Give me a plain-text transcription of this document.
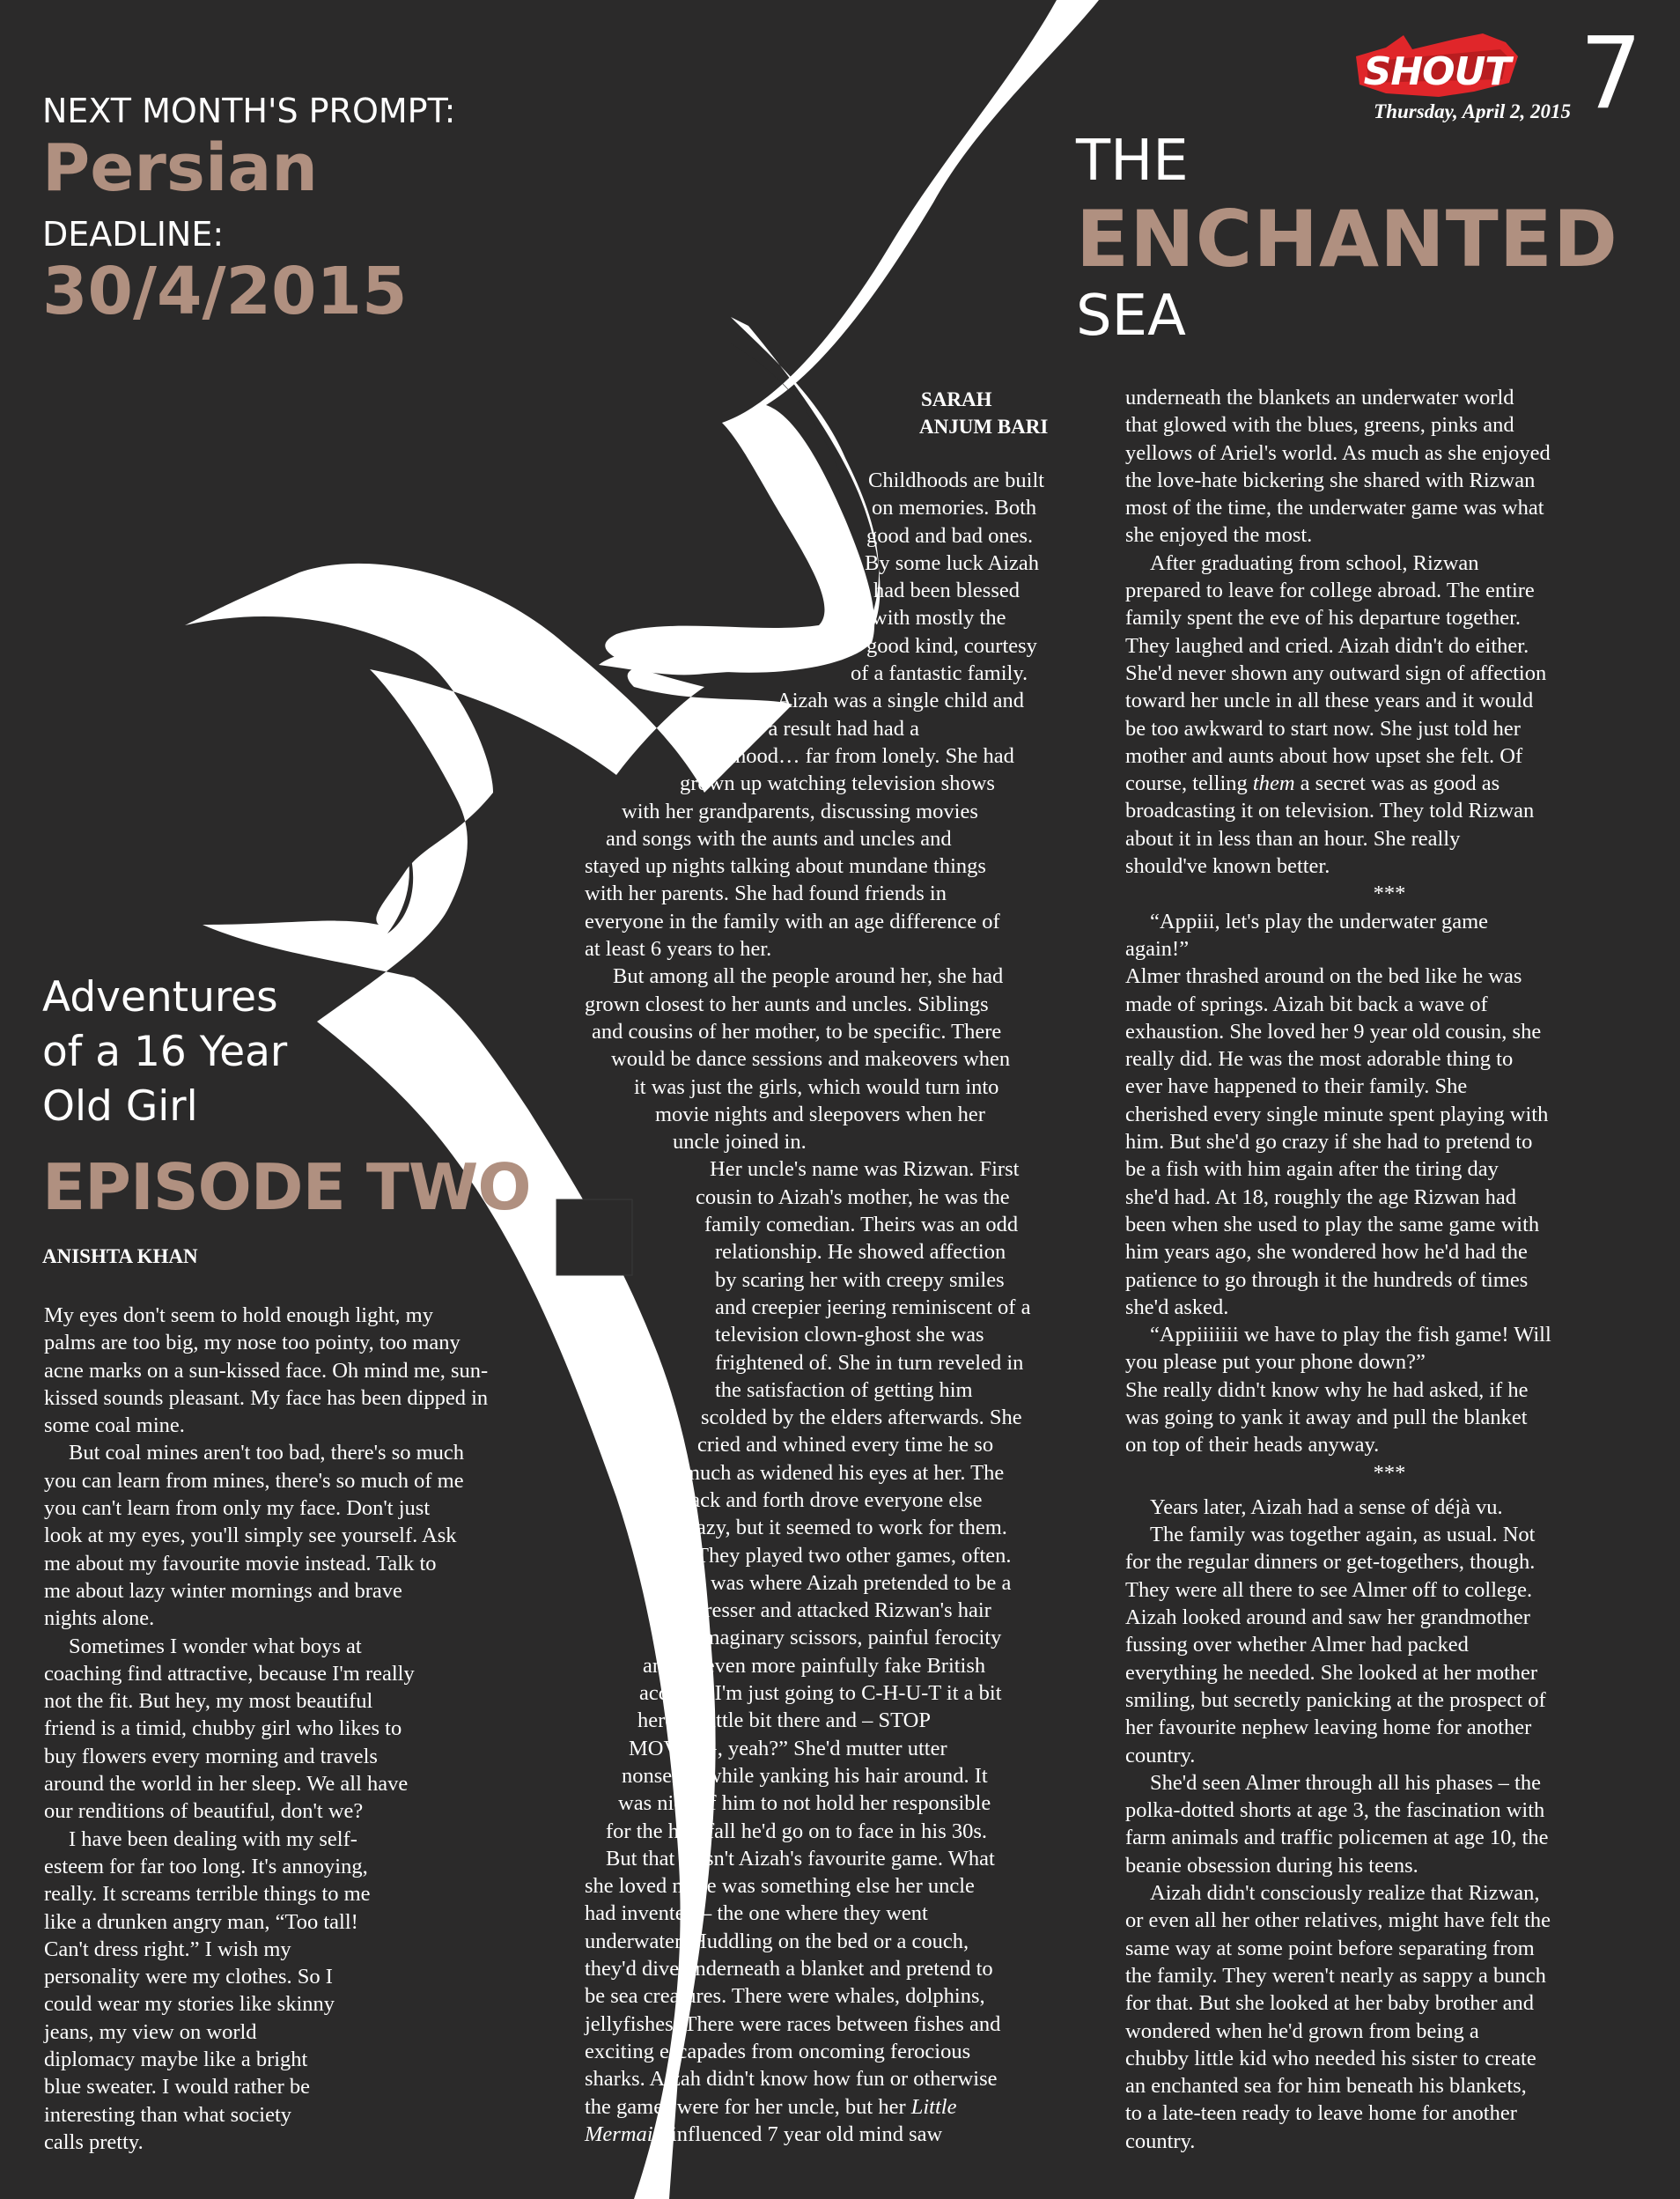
SHOUT
Thursday, April 2, 2015 7
NEXT MONTH'S PROMPT:
Persian
DEADLINE:
30/4/2015
THE
ENCHANTED
SEA
SARAH
ANJUM BARI

Childhoods are built

on memories. Both

good and bad ones.

By some luck Aizah

had been blessed

with mostly the

good kind, courtesy

of a fantastic family.

Aizah was a single child and

as a result had had a

childhood… far from lonely. She had

grown up watching television shows

with her grandparents, discussing movies

and songs with the aunts and uncles and

stayed up nights talking about mundane things

with her parents. She had found friends in

everyone in the family with an age difference of

at least 6 years to her.

But among all the people around her, she had

grown closest to her aunts and uncles. Siblings

and cousins of her mother, to be specific. There

would be dance sessions and makeovers when

it was just the girls, which would turn into

movie nights and sleepovers when her

uncle joined in.

Her uncle's name was Rizwan. First

cousin to Aizah's mother, he was the

family comedian. Theirs was an odd

relationship. He showed affection

by scaring her with creepy smiles

and creepier jeering reminiscent of a

television clown-ghost she was

frightened of. She in turn reveled in

the satisfaction of getting him

scolded by the elders afterwards. She

cried and whined every time he so

much as widened his eyes at her. The

back and forth drove everyone else

crazy, but it seemed to work for them.

They played two other games, often.

One was where Aizah pretended to be a

hairdresser and attacked Rizwan's hair

with imaginary scissors, painful ferocity

and an even more painfully fake British

accent. “I'm just going to C-H-U-T it a bit

here. A little bit there and – STOP

MOVING, yeah?” She'd mutter utter

nonsense while yanking his hair around. It

was nice of him to not hold her responsible

for the hair fall he'd go on to face in his 30s.

But that wasn't Aizah's favourite game. What

she loved more was something else her uncle

had invented – the one where they went

underwater. Huddling on the bed or a couch,

they'd dive underneath a blanket and pretend to

be sea creatures. There were whales, dolphins,

jellyfishes. There were races between fishes and

exciting escapades from oncoming ferocious

sharks. Aizah didn't know how fun or otherwise

the games were for her uncle, but her Little

Mermaid-influenced 7 year old mind saw

underneath the blankets an underwater world

that glowed with the blues, greens, pinks and

yellows of Ariel's world. As much as she enjoyed

the love-hate bickering she shared with Rizwan

most of the time, the underwater game was what

she enjoyed the most.

After graduating from school, Rizwan

prepared to leave for college abroad. The entire

family spent the eve of his departure together.

They laughed and cried. Aizah didn't do either.

She'd never shown any outward sign of affection

toward her uncle in all these years and it would

be too awkward to start now. She just told her

mother and aunts about how upset she felt. Of

course, telling them a secret was as good as

broadcasting it on television. They told Rizwan

about it in less than an hour. She really

should've known better.

***

“Appiii, let's play the underwater game

again!”

Almer thrashed around on the bed like he was

made of springs. Aizah bit back a wave of

exhaustion. She loved her 9 year old cousin, she

really did. He was the most adorable thing to

ever have happened to their family. She

cherished every single minute spent playing with

him. But she'd go crazy if she had to pretend to

be a fish with him again after the tiring day

she'd had. At 18, roughly the age Rizwan had

been when she used to play the same game with

him years ago, she wondered how he'd had the

patience to go through it the hundreds of times

she'd asked.

“Appiiiiiii we have to play the fish game! Will

you please put your phone down?”

She really didn't know why he had asked, if he

was going to yank it away and pull the blanket

on top of their heads anyway.

***

Years later, Aizah had a sense of déjà vu.

The family was together again, as usual. Not

for the regular dinners or get-togethers, though.

They were all there to see Almer off to college.

Aizah looked around and saw her grandmother

fussing over whether Almer had packed

everything he needed. She looked at her mother

smiling, but secretly panicking at the prospect of

her favourite nephew leaving home for another

country.

She'd seen Almer through all his phases – the

polka-dotted shorts at age 3, the fascination with

farm animals and traffic policemen at age 10, the

beanie obsession during his teens.

Aizah didn't consciously realize that Rizwan,

or even all her other relatives, might have felt the

same way at some point before separating from

the family. They weren't nearly as sappy a bunch

for that. But she looked at her baby brother and

wondered when he'd grown from being a

chubby little kid who needed his sister to create

an enchanted sea for him beneath his blankets,

to a late-teen ready to leave home for another

country.

Adventures
of a 16 Year
Old Girl
EPISODE TWO
ANISHTA KHAN

My eyes don't seem to hold enough light, my

palms are too big, my nose too pointy, too many

acne marks on a sun-kissed face. Oh mind me, sun-

kissed sounds pleasant. My face has been dipped in

some coal mine.

But coal mines aren't too bad, there's so much

you can learn from mines, there's so much of me

you can't learn from only my face. Don't just

look at my eyes, you'll simply see yourself. Ask

me about my favourite movie instead. Talk to

me about lazy winter mornings and brave

nights alone.

Sometimes I wonder what boys at

coaching find attractive, because I'm really

not the fit. But hey, my most beautiful

friend is a timid, chubby girl who likes to

buy flowers every morning and travels

around the world in her sleep. We all have

our renditions of beautiful, don't we?

I have been dealing with my self-

esteem for far too long. It's annoying,

really. It screams terrible things to me

like a drunken angry man, “Too tall!

Can't dress right.” I wish my

personality were my clothes. So I

could wear my stories like skinny

jeans, my view on world

diplomacy maybe like a bright

blue sweater. I would rather be

interesting than what society

calls pretty.
